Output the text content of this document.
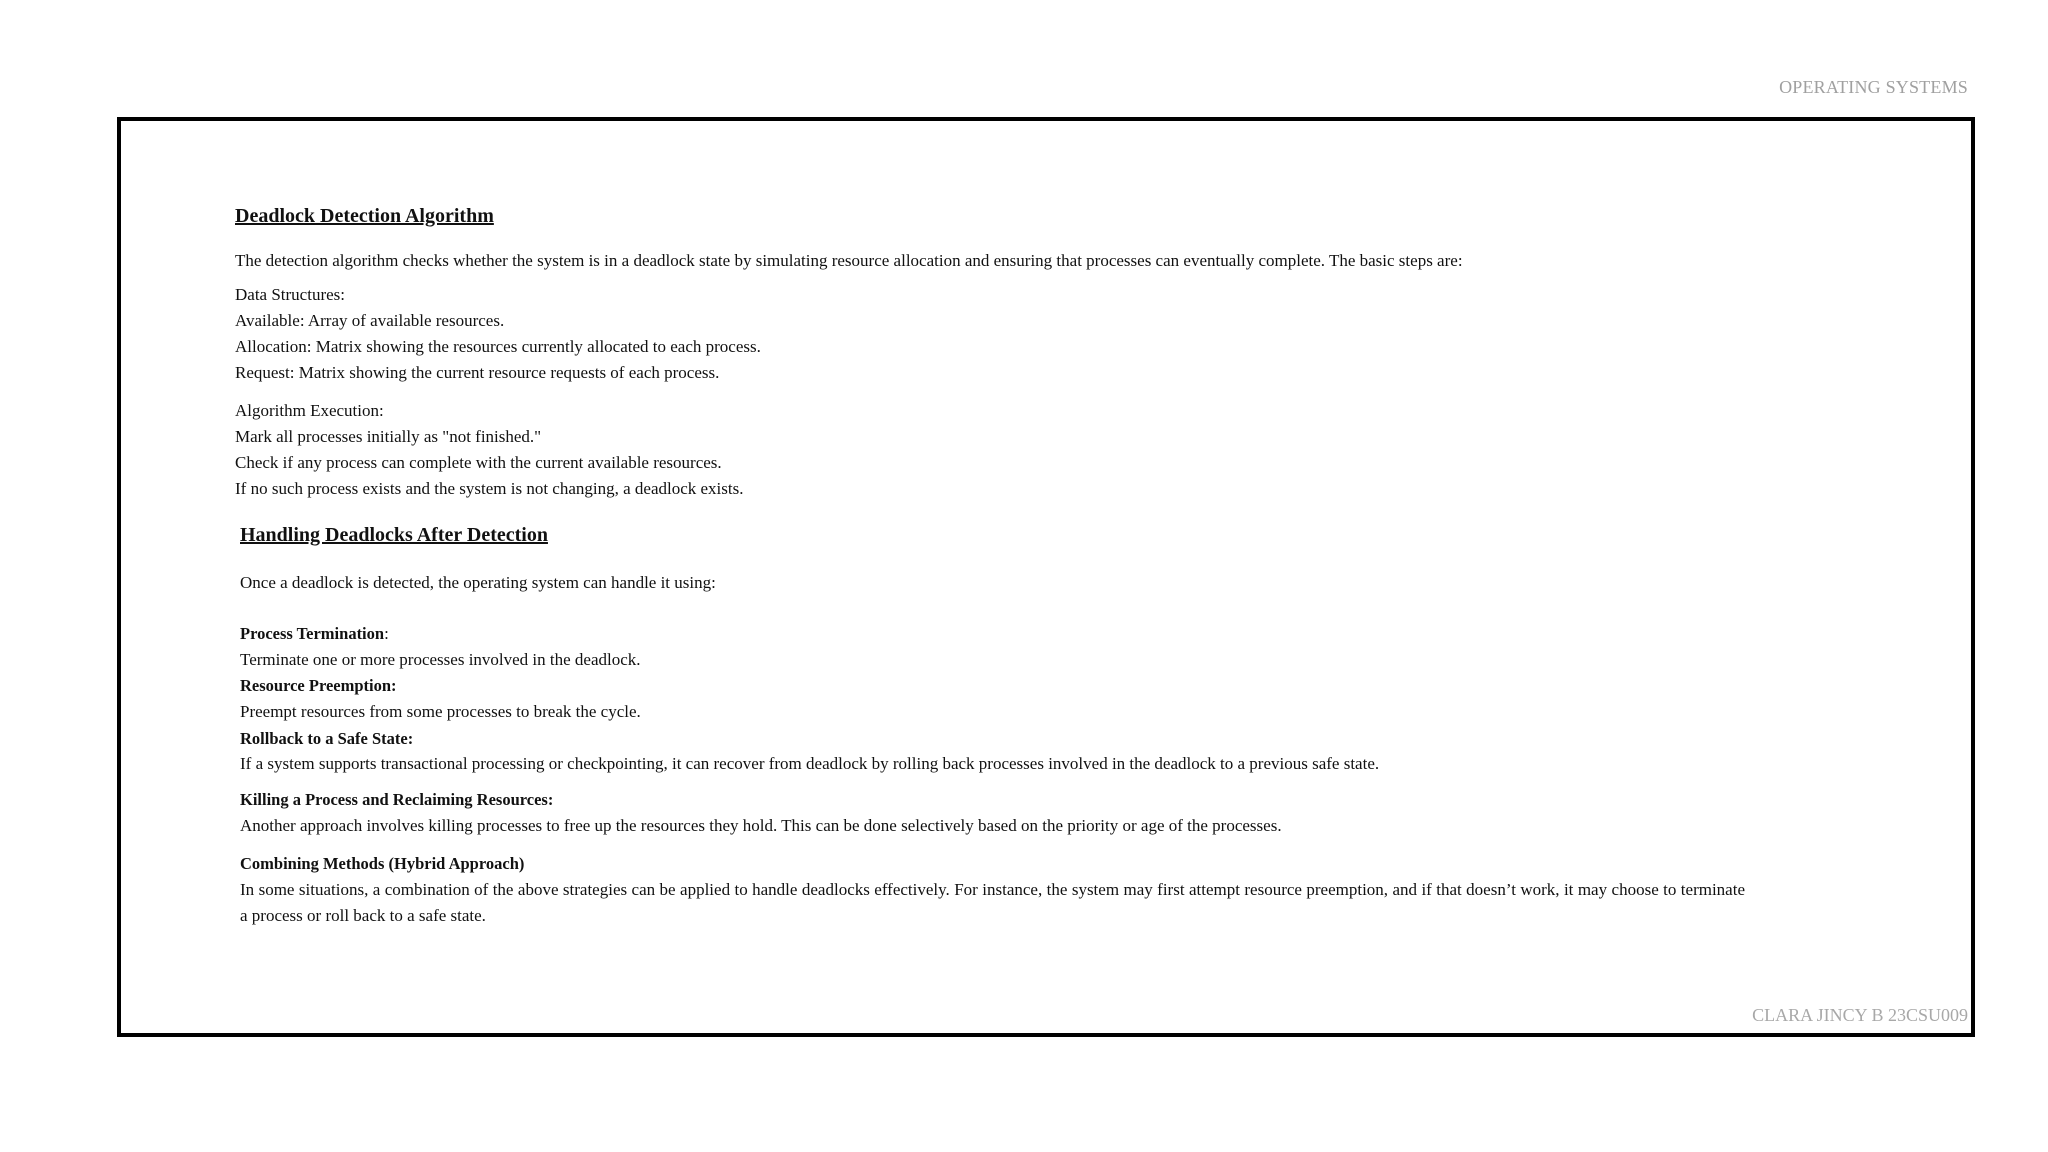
OPERATING SYSTEMS

Deadlock Detection Algorithm

The detection algorithm checks whether the system is in a deadlock state by simulating resource allocation and ensuring that processes can eventually complete. The basic steps are:

Data Structures:

Available: Array of available resources.

Allocation: Matrix showing the resources currently allocated to each process.

Request: Matrix showing the current resource requests of each process.

Algorithm Execution:

Mark all processes initially as "not finished."

Check if any process can complete with the current available resources.

If no such process exists and the system is not changing, a deadlock exists.

Handling Deadlocks After Detection

Once a deadlock is detected, the operating system can handle it using:

Process Termination:

Terminate one or more processes involved in the deadlock.

Resource Preemption:

Preempt resources from some processes to break the cycle.

Rollback to a Safe State:

If a system supports transactional processing or checkpointing, it can recover from deadlock by rolling back processes involved in the deadlock to a previous safe state.

Killing a Process and Reclaiming Resources:

Another approach involves killing processes to free up the resources they hold. This can be done selectively based on the priority or age of the processes.

Combining Methods (Hybrid Approach)

In some situations, a combination of the above strategies can be applied to handle deadlocks effectively. For instance, the system may first attempt resource preemption, and if that doesn’t work, it may choose to terminate a process or roll back to a safe state.

CLARA JINCY B 23CSU009
